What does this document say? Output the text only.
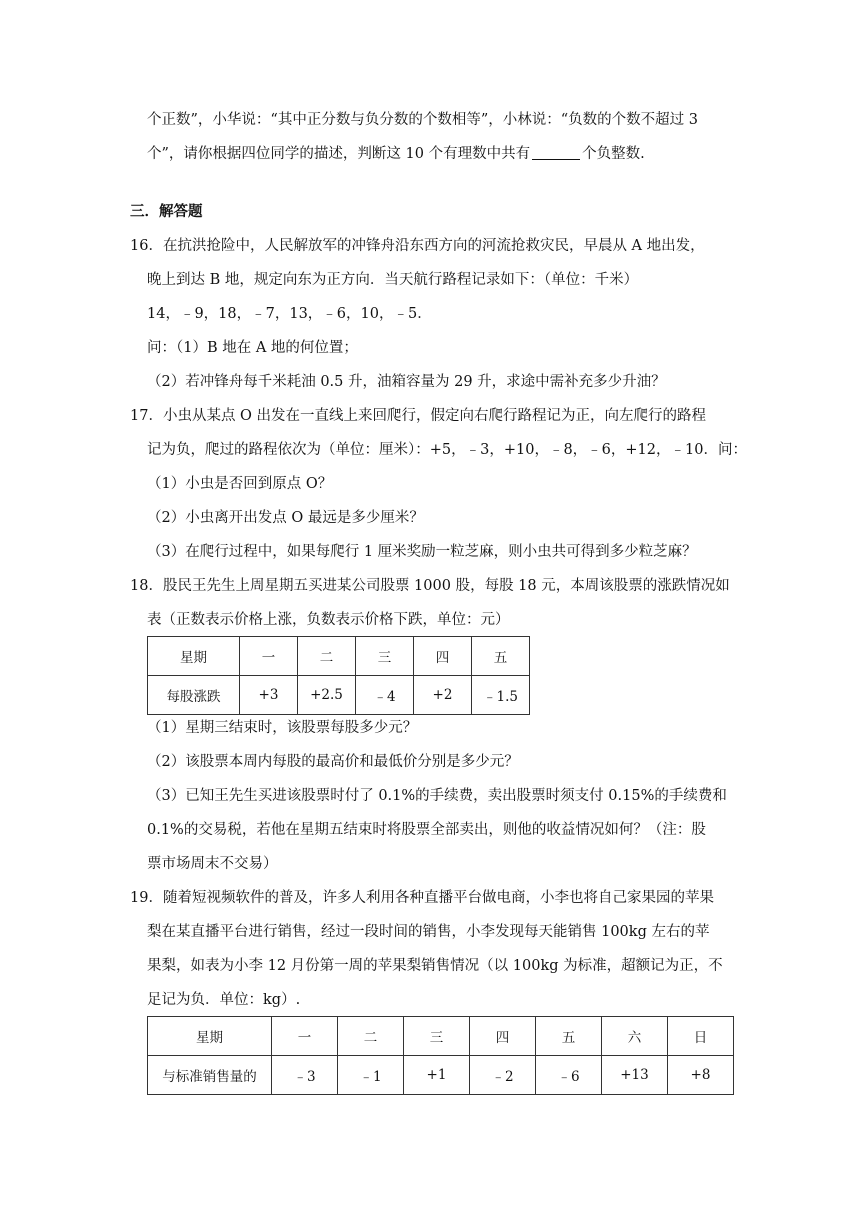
个正数”，小华说：“其中正分数与负分数的个数相等”，小林说：“负数的个数不超过 3
个”，请你根据四位同学的描述，判断这 10 个有理数中共有	个负整数.
三．解答题
16．在抗洪抢险中，人民解放军的冲锋舟沿东西方向的河流抢救灾民，早晨从 A 地出发，
晚上到达 B 地，规定向东为正方向．当天航行路程记录如下：（单位：千米）
14，﹣9，18，﹣7，13，﹣6，10，﹣5．
问：（1）B 地在 A 地的何位置；
（2）若冲锋舟每千米耗油 0.5 升，油箱容量为 29 升，求途中需补充多少升油？
17．小虫从某点 O 出发在一直线上来回爬行，假定向右爬行路程记为正，向左爬行的路程
记为负，爬过的路程依次为（单位：厘米）：+5，﹣3，+10，﹣8，﹣6，+12，﹣10．问：
（1）小虫是否回到原点 O？
（2）小虫离开出发点 O 最远是多少厘米？
（3）在爬行过程中，如果每爬行 1 厘米奖励一粒芝麻，则小虫共可得到多少粒芝麻？
18．股民王先生上周星期五买进某公司股票 1000 股，每股 18 元，本周该股票的涨跌情况如
表（正数表示价格上涨，负数表示价格下跌，单位：元）
星期	一	二	三	四	五
每股涨跌	+3	+2.5	﹣4	+2	﹣1.5
（1）星期三结束时，该股票每股多少元？
（2）该股票本周内每股的最高价和最低价分别是多少元？
（3）已知王先生买进该股票时付了 0.1%的手续费，卖出股票时须支付 0.15%的手续费和
0.1%的交易税，若他在星期五结束时将股票全部卖出，则他的收益情况如何？（注：股
票市场周末不交易）
19．随着短视频软件的普及，许多人利用各种直播平台做电商，小李也将自己家果园的苹果
梨在某直播平台进行销售，经过一段时间的销售，小李发现每天能销售 100kg 左右的苹
果梨，如表为小李 12 月份第一周的苹果梨销售情况（以 100kg 为标准，超额记为正，不
足记为负．单位：kg）.
星期	一	二	三	四	五	六	日
与标准销售量的	﹣3	﹣1	+1	﹣2	﹣6	+13	+8
